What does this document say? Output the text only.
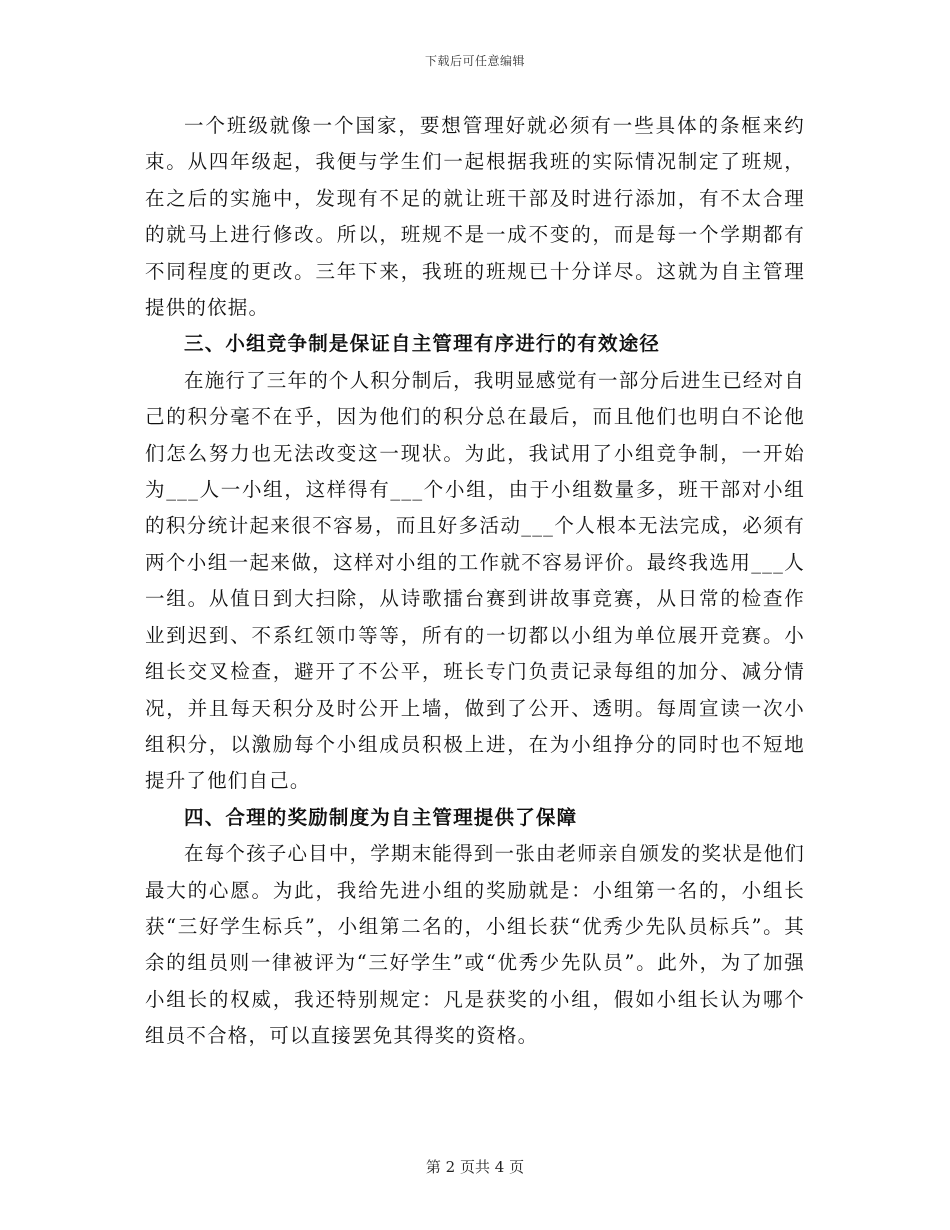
下载后可任意编辑

一个班级就像一个国家，要想管理好就必须有一些具体的条框来约束。从四年级起，我便与学生们一起根据我班的实际情况制定了班规，在之后的实施中，发现有不足的就让班干部及时进行添加，有不太合理的就马上进行修改。所以，班规不是一成不变的，而是每一个学期都有不同程度的更改。三年下来，我班的班规已十分详尽。这就为自主管理提供的依据。

三、小组竞争制是保证自主管理有序进行的有效途径

在施行了三年的个人积分制后，我明显感觉有一部分后进生已经对自己的积分毫不在乎，因为他们的积分总在最后，而且他们也明白不论他们怎么努力也无法改变这一现状。为此，我试用了小组竞争制，一开始为___人一小组，这样得有___个小组，由于小组数量多，班干部对小组的积分统计起来很不容易，而且好多活动___个人根本无法完成，必须有两个小组一起来做，这样对小组的工作就不容易评价。最终我选用___人一组。从值日到大扫除，从诗歌擂台赛到讲故事竞赛，从日常的检查作业到迟到、不系红领巾等等，所有的一切都以小组为单位展开竞赛。小组长交叉检查，避开了不公平，班长专门负责记录每组的加分、减分情况，并且每天积分及时公开上墙，做到了公开、透明。每周宣读一次小组积分，以激励每个小组成员积极上进，在为小组挣分的同时也不短地提升了他们自己。

四、合理的奖励制度为自主管理提供了保障

在每个孩子心目中，学期末能得到一张由老师亲自颁发的奖状是他们最大的心愿。为此，我给先进小组的奖励就是：小组第一名的，小组长获“三好学生标兵”，小组第二名的，小组长获“优秀少先队员标兵”。其余的组员则一律被评为“三好学生”或“优秀少先队员”。此外，为了加强小组长的权威，我还特别规定：凡是获奖的小组，假如小组长认为哪个组员不合格，可以直接罢免其得奖的资格。

第 2 页共 4 页
